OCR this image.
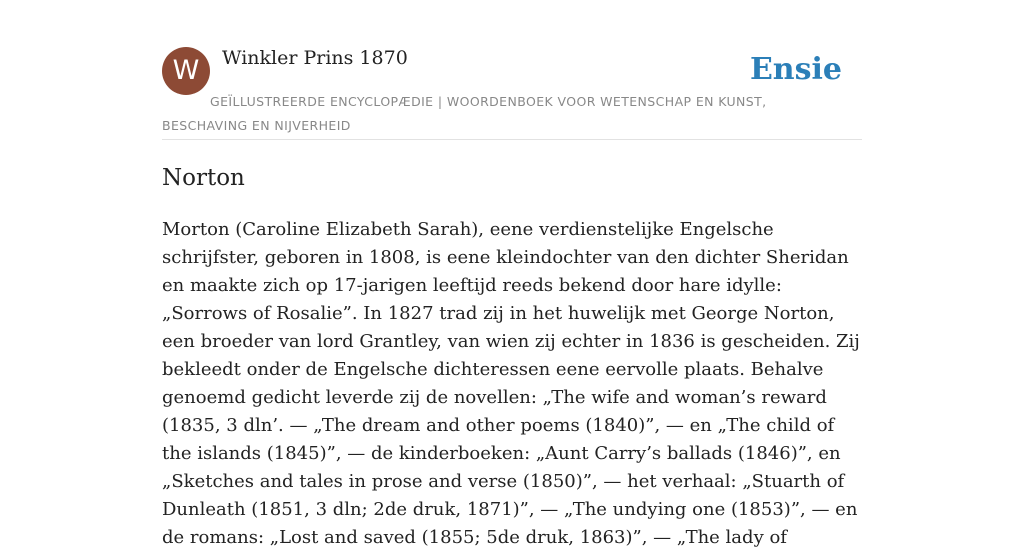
W	Winkler Prins 1870	Ensie
GEÏLLUSTREERDE ENCYCLOPÆDIE | WOORDENBOEK VOOR WETENSCHAP EN KUNST, BESCHAVING EN NIJVERHEID
Norton

Morton (Caroline Elizabeth Sarah), eene verdienstelijke Engelsche schrijfster, geboren in 1808, is eene kleindochter van den dichter Sheridan en maakte zich op 17-jarigen leeftijd reeds bekend door hare idylle: „Sorrows of Rosalie”. In 1827 trad zij in het huwelijk met George Norton, een broeder van lord Grantley, van wien zij echter in 1836 is gescheiden. Zij bekleedt onder de Engelsche dichteressen eene eervolle plaats. Behalve genoemd gedicht leverde zij de novellen: „The wife and woman’s reward (1835, 3 dln’. — „The dream and other poems (1840)”, — en „The child of the islands (1845)”, — de kinderboeken: „Aunt Carry’s ballads (1846)”, en „Sketches and tales in prose and verse (1850)”, — het verhaal: „Stuarth of Dunleath (1851, 3 dln; 2de druk, 1871)”, — „The undying one (1853)”, — en de romans: „Lost and saved (1855; 5de druk, 1863)”, — „The lady of
